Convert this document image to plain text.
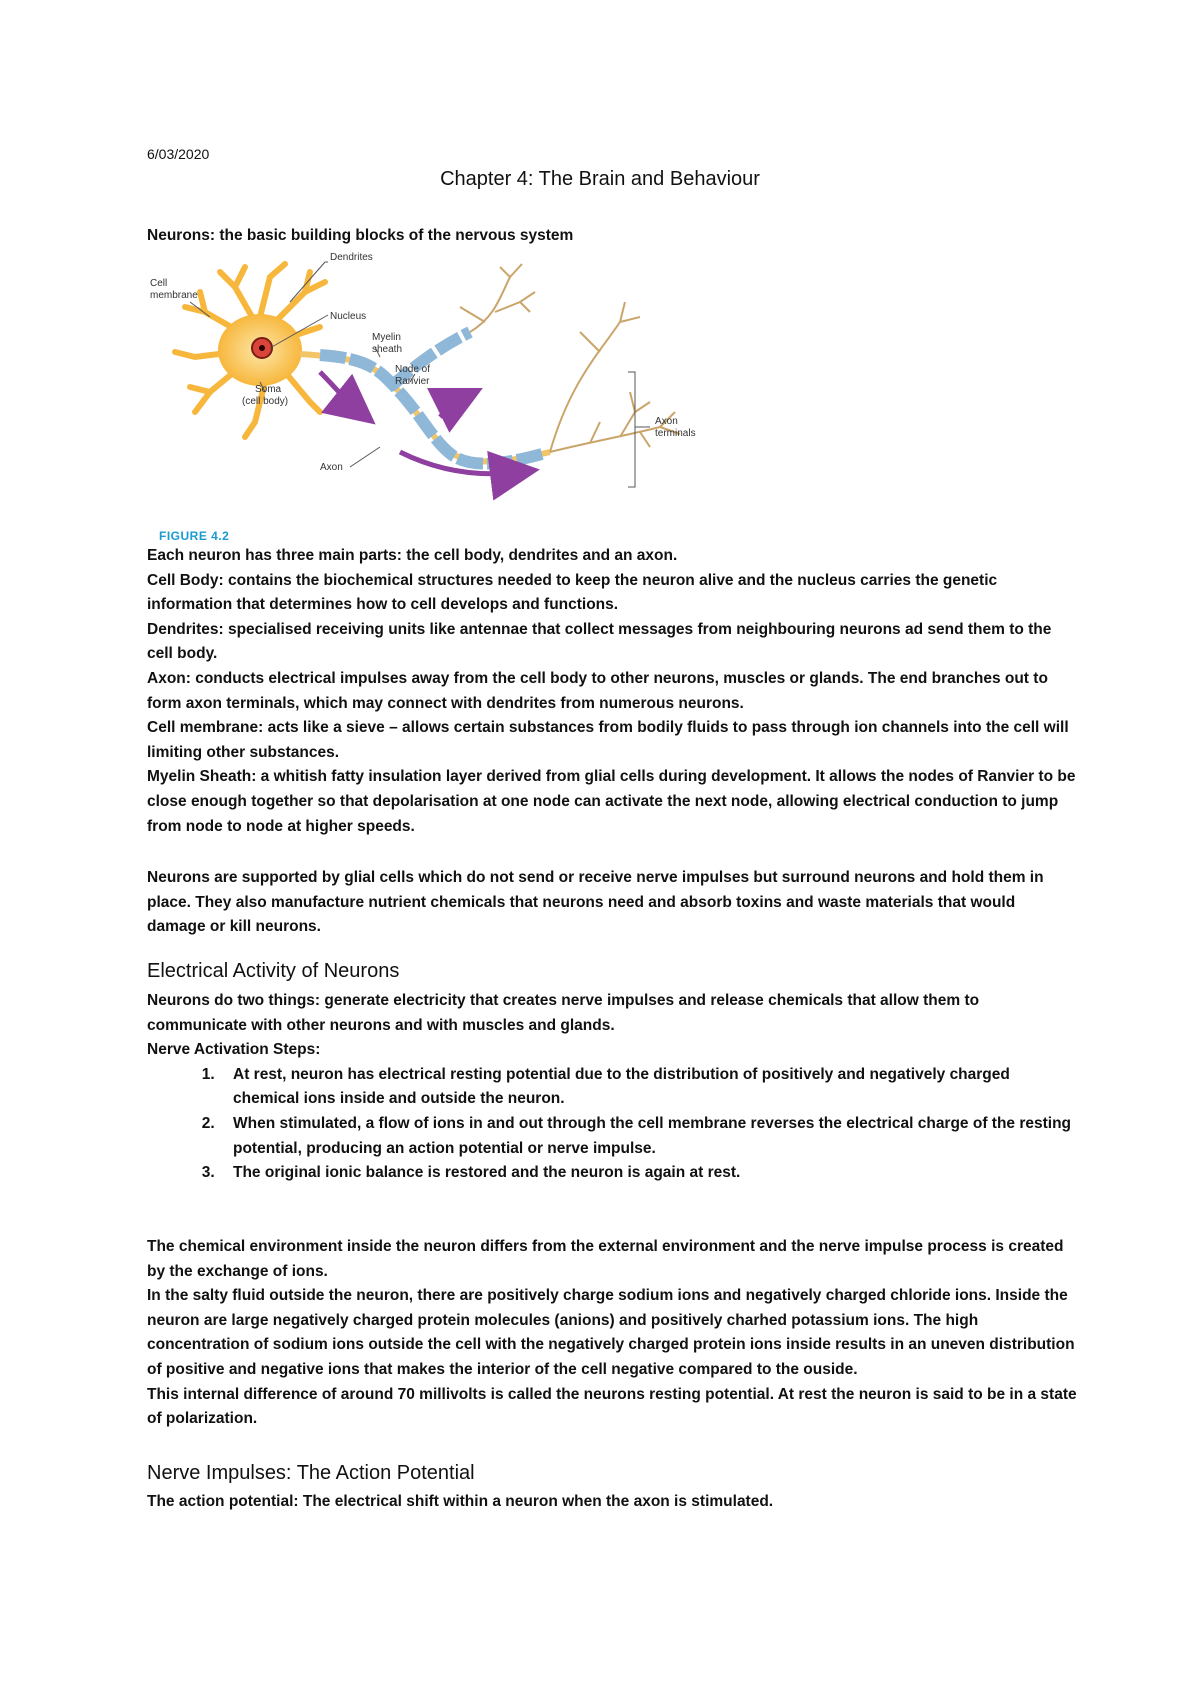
6/03/2020
Chapter 4: The Brain and Behaviour
Neurons: the basic building blocks of the nervous system
Dendrites
Cell
membrane
Nucleus
Myelin
sheath
Node of
Ranvier
Soma
(cell body)
Axon
Axon
terminals
FIGURE 4.2

Each neuron has three main parts: the cell body, dendrites and an axon.

Cell Body: contains the biochemical structures needed to keep the neuron alive and the nucleus carries the genetic information that determines how to cell develops and functions.

Dendrites: specialised receiving units like antennae that collect messages from neighbouring neurons ad send them to the cell body.

Axon: conducts electrical impulses away from the cell body to other neurons, muscles or glands. The end branches out to form axon terminals, which may connect with dendrites from numerous neurons.

Cell membrane: acts like a sieve – allows certain substances from bodily fluids to pass through ion channels into the cell will limiting other substances.

Myelin Sheath: a whitish fatty insulation layer derived from glial cells during development. It allows the nodes of Ranvier to be close enough together so that depolarisation at one node can activate the next node, allowing electrical conduction to jump from node to node at higher speeds.

Neurons are supported by glial cells which do not send or receive nerve impulses but surround neurons and hold them in place. They also manufacture nutrient chemicals that neurons need and absorb toxins and waste materials that would damage or kill neurons.

Electrical Activity of Neurons

Neurons do two things: generate electricity that creates nerve impulses and release chemicals that allow them to communicate with other neurons and with muscles and glands.

Nerve Activation Steps:

1. At rest, neuron has electrical resting potential due to the distribution of positively and negatively charged chemical ions inside and outside the neuron.
2. When stimulated, a flow of ions in and out through the cell membrane reverses the electrical charge of the resting potential, producing an action potential or nerve impulse.
3. The original ionic balance is restored and the neuron is again at rest.

The chemical environment inside the neuron differs from the external environment and the nerve impulse process is created by the exchange of ions.

In the salty fluid outside the neuron, there are positively charge sodium ions and negatively charged chloride ions. Inside the neuron are large negatively charged protein molecules (anions) and positively charhed potassium ions. The high concentration of sodium ions outside the cell with the negatively charged protein ions inside results in an uneven distribution of positive and negative ions that makes the interior of the cell negative compared to the ouside.

This internal difference of around 70 millivolts is called the neurons resting potential. At rest the neuron is said to be in a state of polarization.

Nerve Impulses: The Action Potential

The action potential: The electrical shift within a neuron when the axon is stimulated.
